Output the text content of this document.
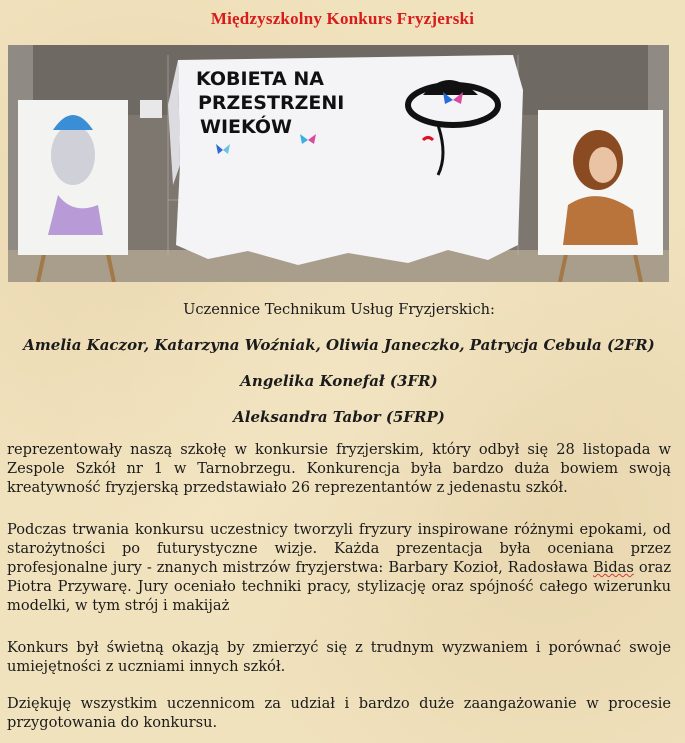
Międzyszkolny Konkurs Fryzjerski
KOBIETA NA
PRZESTRZENI
WIEKÓW
Uczennice Technikum Usług Fryzjerskich:
Amelia Kaczor, Katarzyna Woźniak, Oliwia Janeczko, Patrycja Cebula (2FR)
Angelika Konefał (3FR)
Aleksandra Tabor (5FRP)
reprezentowały naszą szkołę w konkursie fryzjerskim, który odbył się 28 listopada w Zespole Szkół nr 1 w Tarnobrzegu. Konkurencja była bardzo duża bowiem swoją kreatywność fryzjerską przedstawiało 26 reprezentantów z jedenastu szkół.
Podczas trwania konkursu uczestnicy tworzyli fryzury inspirowane różnymi epokami, od starożytności po futurystyczne wizje. Każda prezentacja była oceniana przez profesjonalne jury - znanych mistrzów fryzjerstwa: Barbary Kozioł, Radosława Bidas oraz Piotra Przywarę. Jury oceniało techniki pracy, stylizację oraz spójność całego wizerunku modelki, w tym strój i makijaż
Konkurs był świetną okazją by zmierzyć się z trudnym wyzwaniem i porównać swoje umiejętności z uczniami innych szkół.
Dziękuję wszystkim uczennicom za udział i bardzo duże zaangażowanie w procesie przygotowania do konkursu.
